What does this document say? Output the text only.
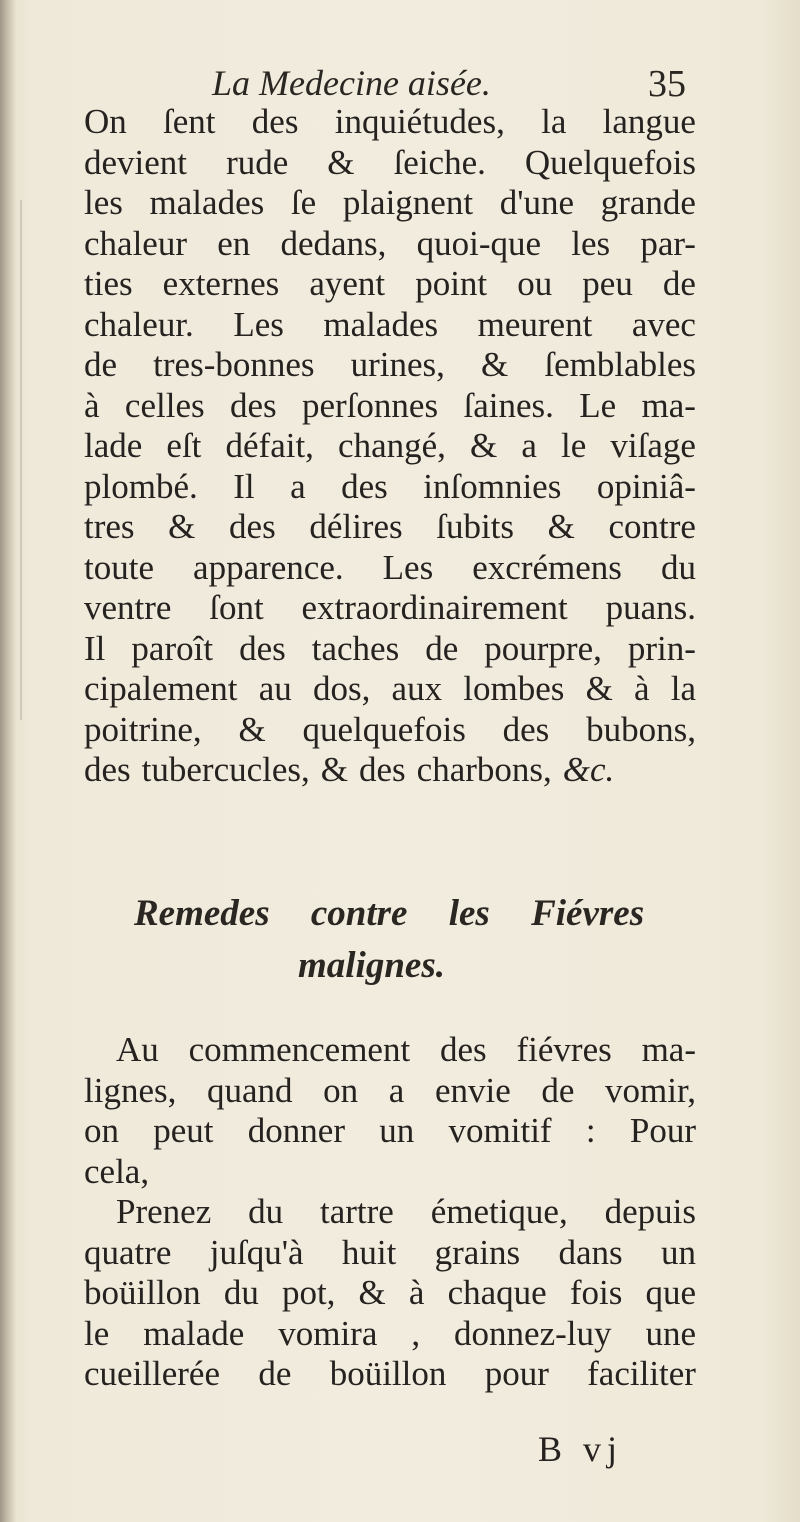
La Medecine aisée.	35
On ſent des inquiétudes, la langue
devient rude & ſeiche. Quelquefois
les malades ſe plaignent d'une grande
chaleur en dedans, quoi-que les par-
ties externes ayent point ou peu de
chaleur. Les malades meurent avec
de tres-bonnes urines, & ſemblables
à celles des perſonnes ſaines. Le ma-
lade eſt défait, changé, & a le viſage
plombé. Il a des inſomnies opiniâ-
tres & des délires ſubits & contre
toute apparence. Les excrémens du
ventre ſont extraordinairement puans.
Il paroît des taches de pourpre, prin-
cipalement au dos, aux lombes & à la
poitrine, & quelquefois des bubons,
des tubercucles, & des charbons, &c.
Remedes contre les Fiévres
malignes.
Au commencement des fiévres ma-
lignes, quand on a envie de vomir,
on peut donner un vomitif : Pour
cela,
Prenez du tartre émetique, depuis
quatre juſqu'à huit grains dans un
boüillon du pot, & à chaque fois que
le malade vomira , donnez-luy une
cueillerée de boüillon pour faciliter
B vj
